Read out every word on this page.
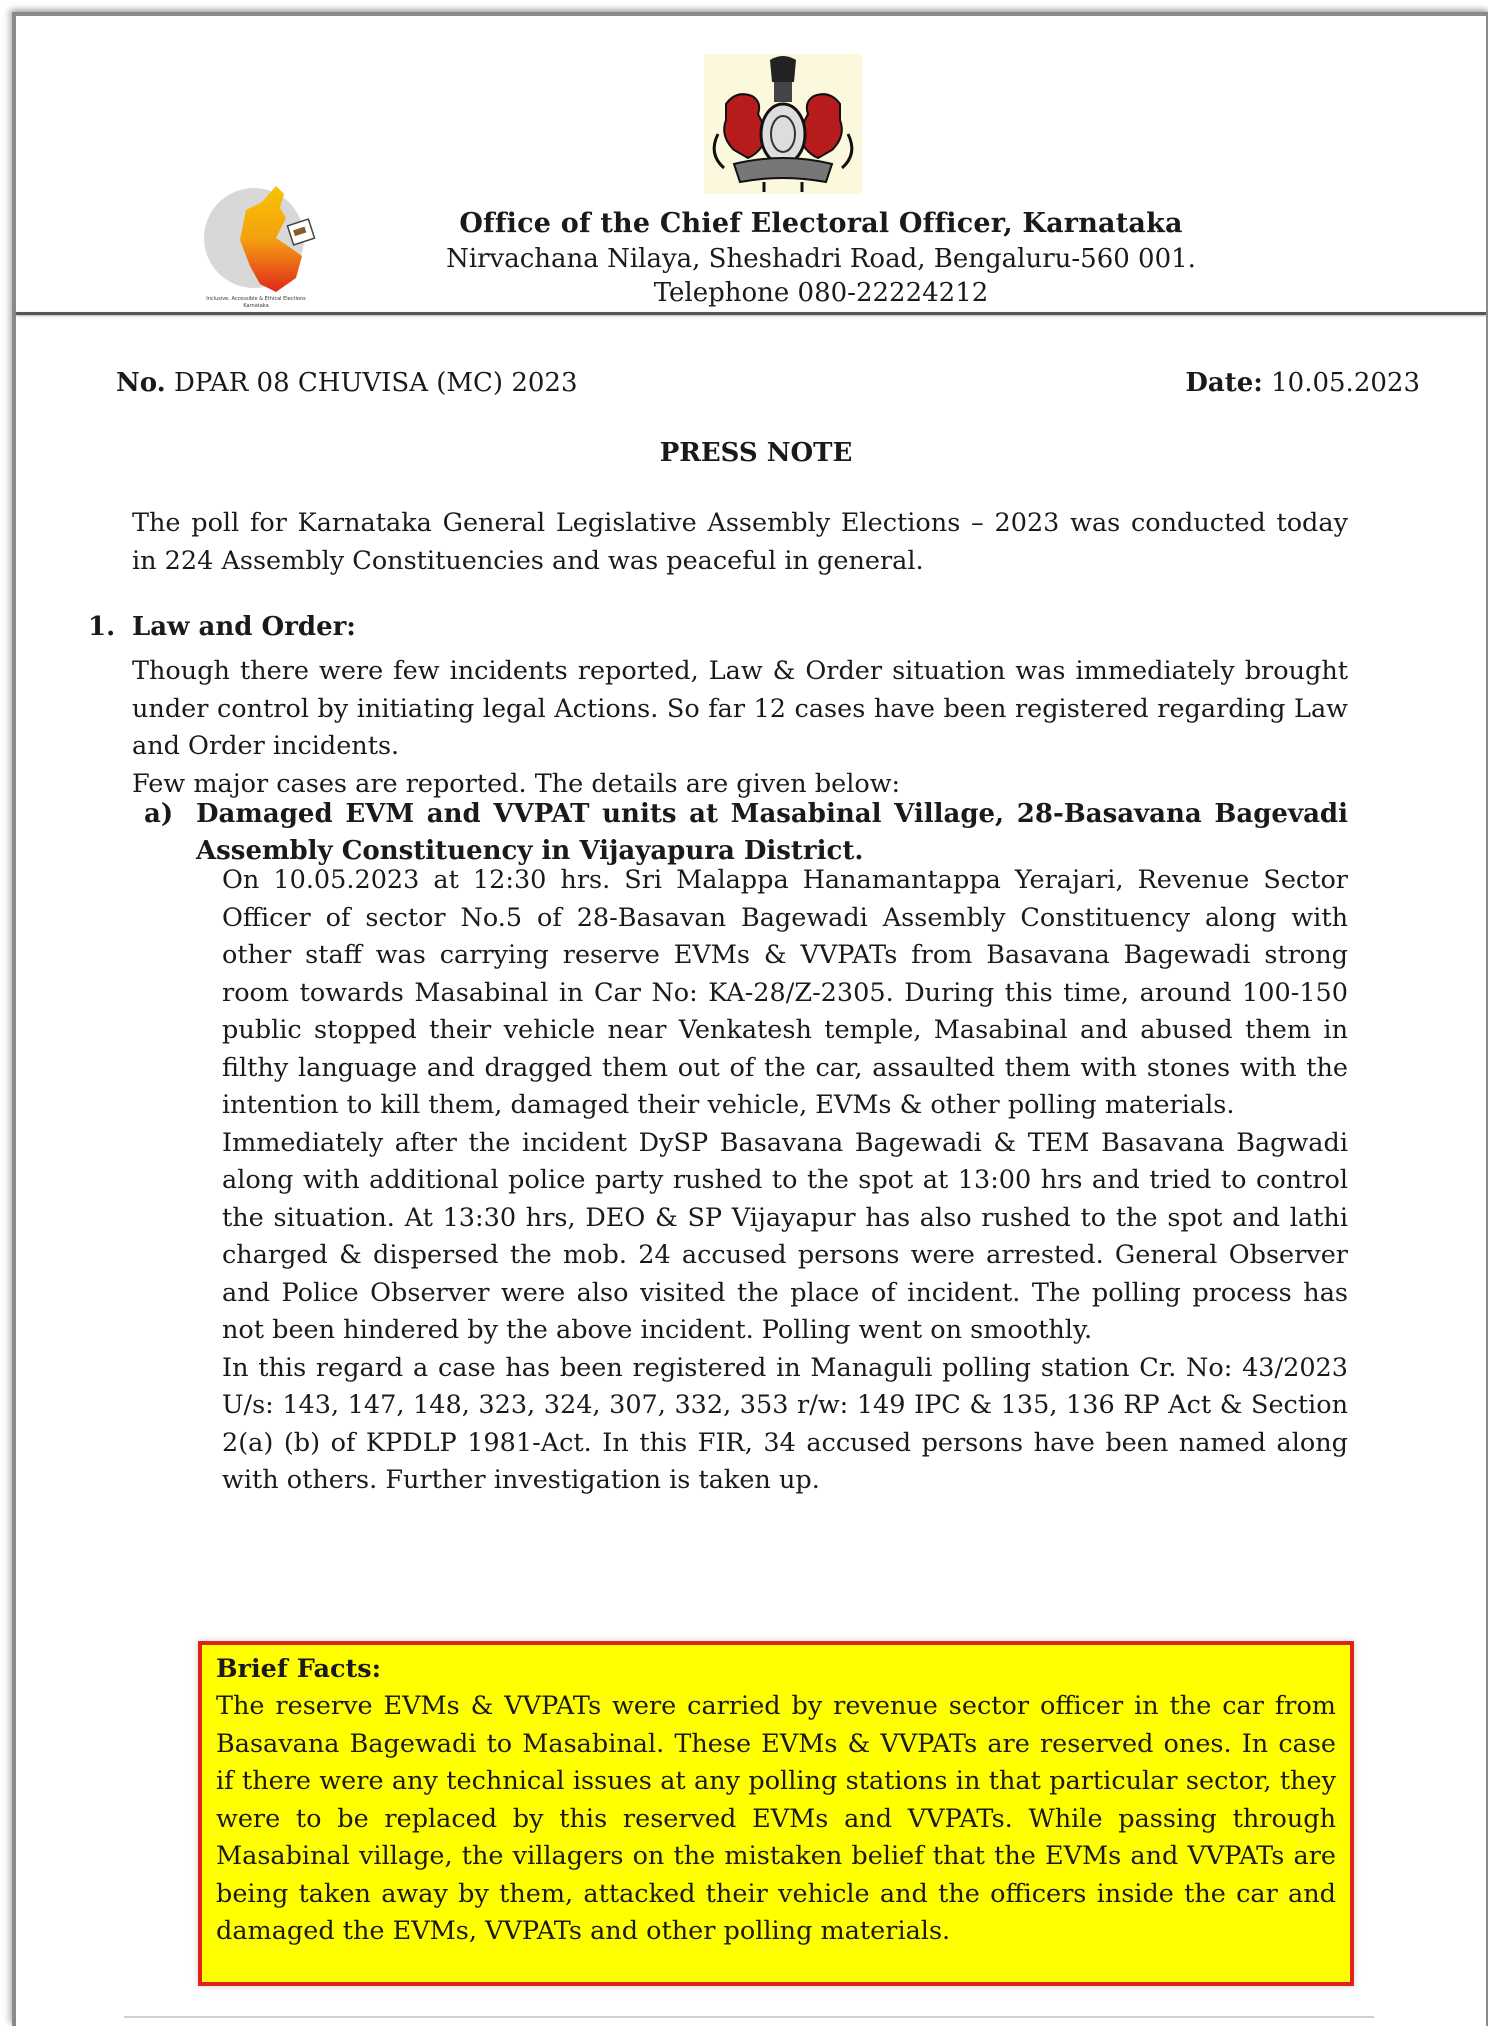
Inclusive, Accessible & Ethical Elections
Karnataka
Office of the Chief Electoral Officer, Karnataka
Nirvachana Nilaya, Sheshadri Road, Bengaluru-560 001.
Telephone 080-22224212
No. DPAR 08 CHUVISA (MC) 2023	Date: 10.05.2023
PRESS NOTE
The poll for Karnataka General Legislative Assembly Elections – 2023 was conducted today in 224 Assembly Constituencies and was peaceful in general.
1. Law and Order:
Though there were few incidents reported, Law & Order situation was immediately brought under control by initiating legal Actions. So far 12 cases have been registered regarding Law and Order incidents.
Few major cases are reported. The details are given below:
a) Damaged EVM and VVPAT units at Masabinal Village, 28-Basavana Bagevadi Assembly Constituency in Vijayapura District.

On 10.05.2023 at 12:30 hrs. Sri Malappa Hanamantappa Yerajari, Revenue Sector Officer of sector No.5 of 28-Basavan Bagewadi Assembly Constituency along with other staff was carrying reserve EVMs & VVPATs from Basavana Bagewadi strong room towards Masabinal in Car No: KA-28/Z-2305. During this time, around 100-150 public stopped their vehicle near Venkatesh temple, Masabinal and abused them in filthy language and dragged them out of the car, assaulted them with stones with the intention to kill them, damaged their vehicle, EVMs & other polling materials.

Immediately after the incident DySP Basavana Bagewadi & TEM Basavana Bagwadi along with additional police party rushed to the spot at 13:00 hrs and tried to control the situation. At 13:30 hrs, DEO & SP Vijayapur has also rushed to the spot and lathi charged & dispersed the mob. 24 accused persons were arrested. General Observer and Police Observer were also visited the place of incident. The polling process has not been hindered by the above incident. Polling went on smoothly.

In this regard a case has been registered in Managuli polling station Cr. No: 43/2023 U/s: 143, 147, 148, 323, 324, 307, 332, 353 r/w: 149 IPC & 135, 136 RP Act & Section 2(a) (b) of KPDLP 1981-Act. In this FIR, 34 accused persons have been named along with others. Further investigation is taken up.

Brief Facts:
The reserve EVMs & VVPATs were carried by revenue sector officer in the car from Basavana Bagewadi to Masabinal. These EVMs & VVPATs are reserved ones. In case if there were any technical issues at any polling stations in that particular sector, they were to be replaced by this reserved EVMs and VVPATs. While passing through Masabinal village, the villagers on the mistaken belief that the EVMs and VVPATs are being taken away by them, attacked their vehicle and the officers inside the car and damaged the EVMs, VVPATs and other polling materials.
